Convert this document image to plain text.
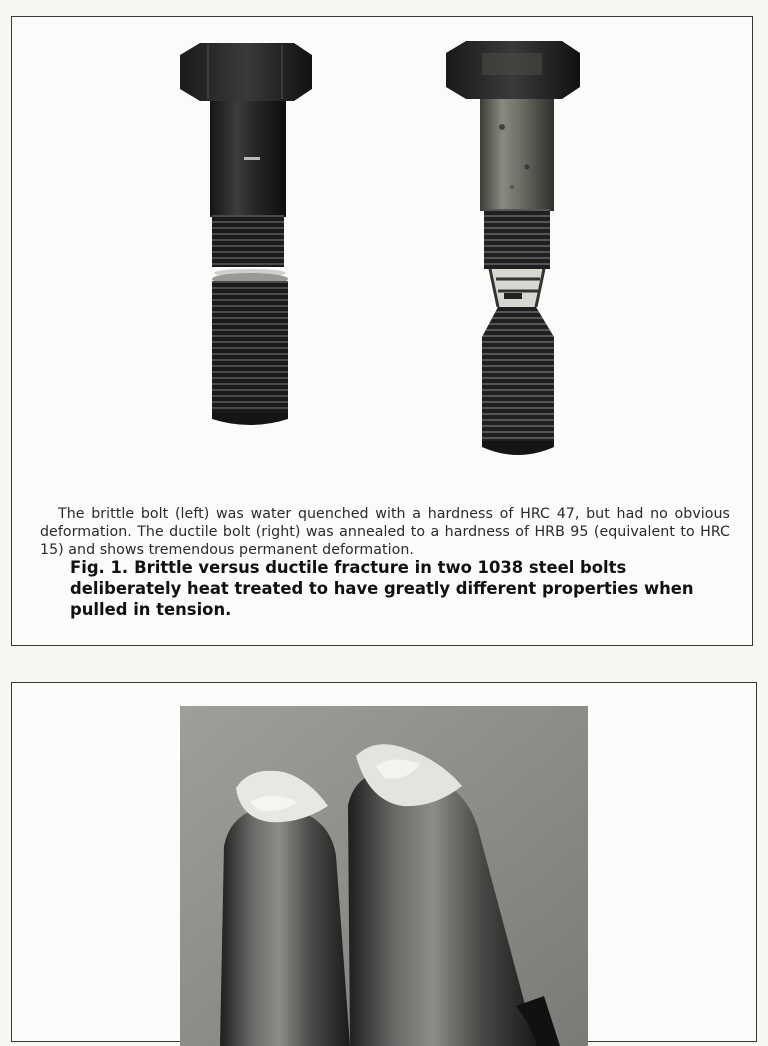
The brittle bolt (left) was water quenched with a hardness of HRC 47, but had no obvious deformation. The ductile bolt (right) was annealed to a hardness of HRB 95 (equivalent to HRC 15) and shows tremendous permanent deformation.

Fig. 1. Brittle versus ductile fracture in two 1038 steel bolts deliberately heat treated to have greatly different properties when pulled in tension.
